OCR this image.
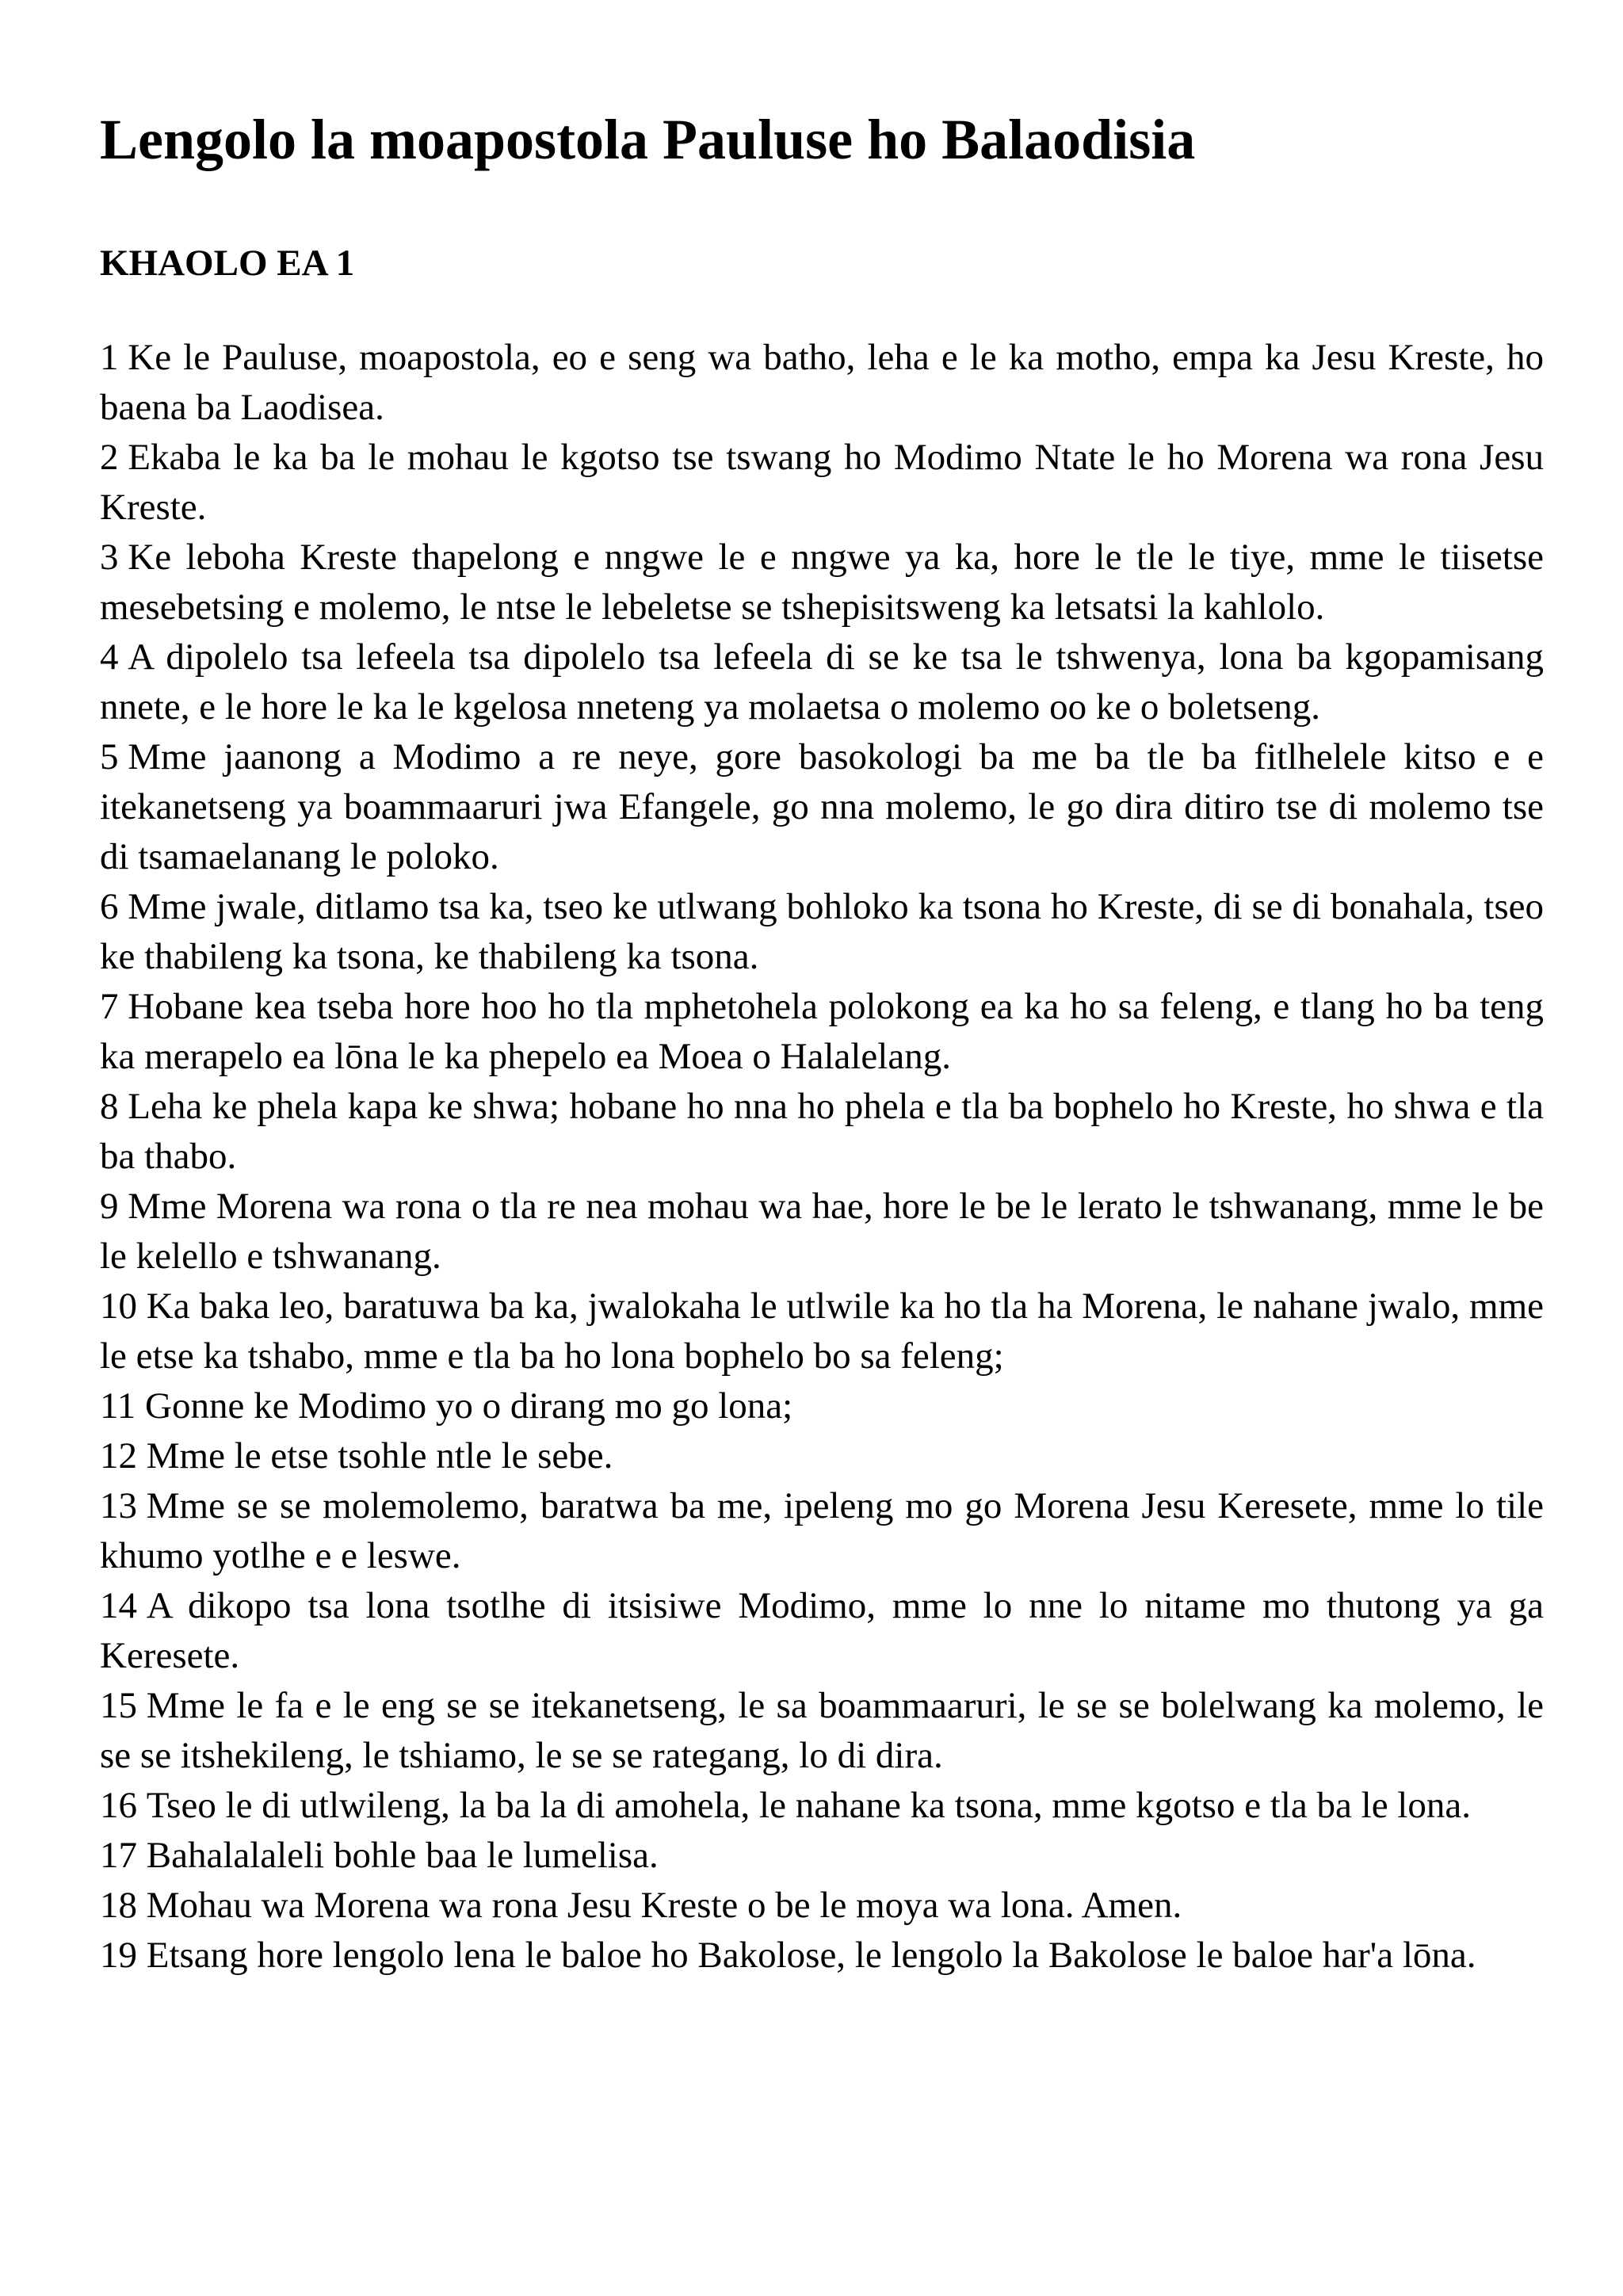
Lengolo la moapostola Pauluse ho Balaodisia
KHAOLO EA 1
1 Ke le Pauluse, moapostola, eo e seng wa batho, leha e le ka motho, empa ka Jesu Kreste, ho baena ba Laodisea.
2 Ekaba le ka ba le mohau le kgotso tse tswang ho Modimo Ntate le ho Morena wa rona Jesu Kreste.
3 Ke leboha Kreste thapelong e nngwe le e nngwe ya ka, hore le tle le tiye, mme le tiisetse mesebetsing e molemo, le ntse le lebeletse se tshepisitsweng ka letsatsi la kahlolo.
4 A dipolelo tsa lefeela tsa dipolelo tsa lefeela di se ke tsa le tshwenya, lona ba kgopamisang nnete, e le hore le ka le kgelosa nneteng ya molaetsa o molemo oo ke o boletseng.
5 Mme jaanong a Modimo a re neye, gore basokologi ba me ba tle ba fitlhelele kitso e e itekanetseng ya boammaaruri jwa Efangele, go nna molemo, le go dira ditiro tse di molemo tse di tsamaelanang le poloko.
6 Mme jwale, ditlamo tsa ka, tseo ke utlwang bohloko ka tsona ho Kreste, di se di bonahala, tseo ke thabileng ka tsona, ke thabileng ka tsona.
7 Hobane kea tseba hore hoo ho tla mphetohela polokong ea ka ho sa feleng, e tlang ho ba teng ka merapelo ea lōna le ka phepelo ea Moea o Halalelang.
8 Leha ke phela kapa ke shwa; hobane ho nna ho phela e tla ba bophelo ho Kreste, ho shwa e tla ba thabo.
9 Mme Morena wa rona o tla re nea mohau wa hae, hore le be le lerato le tshwanang, mme le be le kelello e tshwanang.
10 Ka baka leo, baratuwa ba ka, jwalokaha le utlwile ka ho tla ha Morena, le nahane jwalo, mme le etse ka tshabo, mme e tla ba ho lona bophelo bo sa feleng;
11 Gonne ke Modimo yo o dirang mo go lona;
12 Mme le etse tsohle ntle le sebe.
13 Mme se se molemolemo, baratwa ba me, ipeleng mo go Morena Jesu Keresete, mme lo tile khumo yotlhe e e leswe.
14 A dikopo tsa lona tsotlhe di itsisiwe Modimo, mme lo nne lo nitame mo thutong ya ga Keresete.
15 Mme le fa e le eng se se itekanetseng, le sa boammaaruri, le se se bolelwang ka molemo, le se se itshekileng, le tshiamo, le se se rategang, lo di dira.
16 Tseo le di utlwileng, la ba la di amohela, le nahane ka tsona, mme kgotso e tla ba le lona.
17 Bahalalaleli bohle baa le lumelisa.
18 Mohau wa Morena wa rona Jesu Kreste o be le moya wa lona. Amen.
19 Etsang hore lengolo lena le baloe ho Bakolose, le lengolo la Bakolose le baloe har'a lōna.
